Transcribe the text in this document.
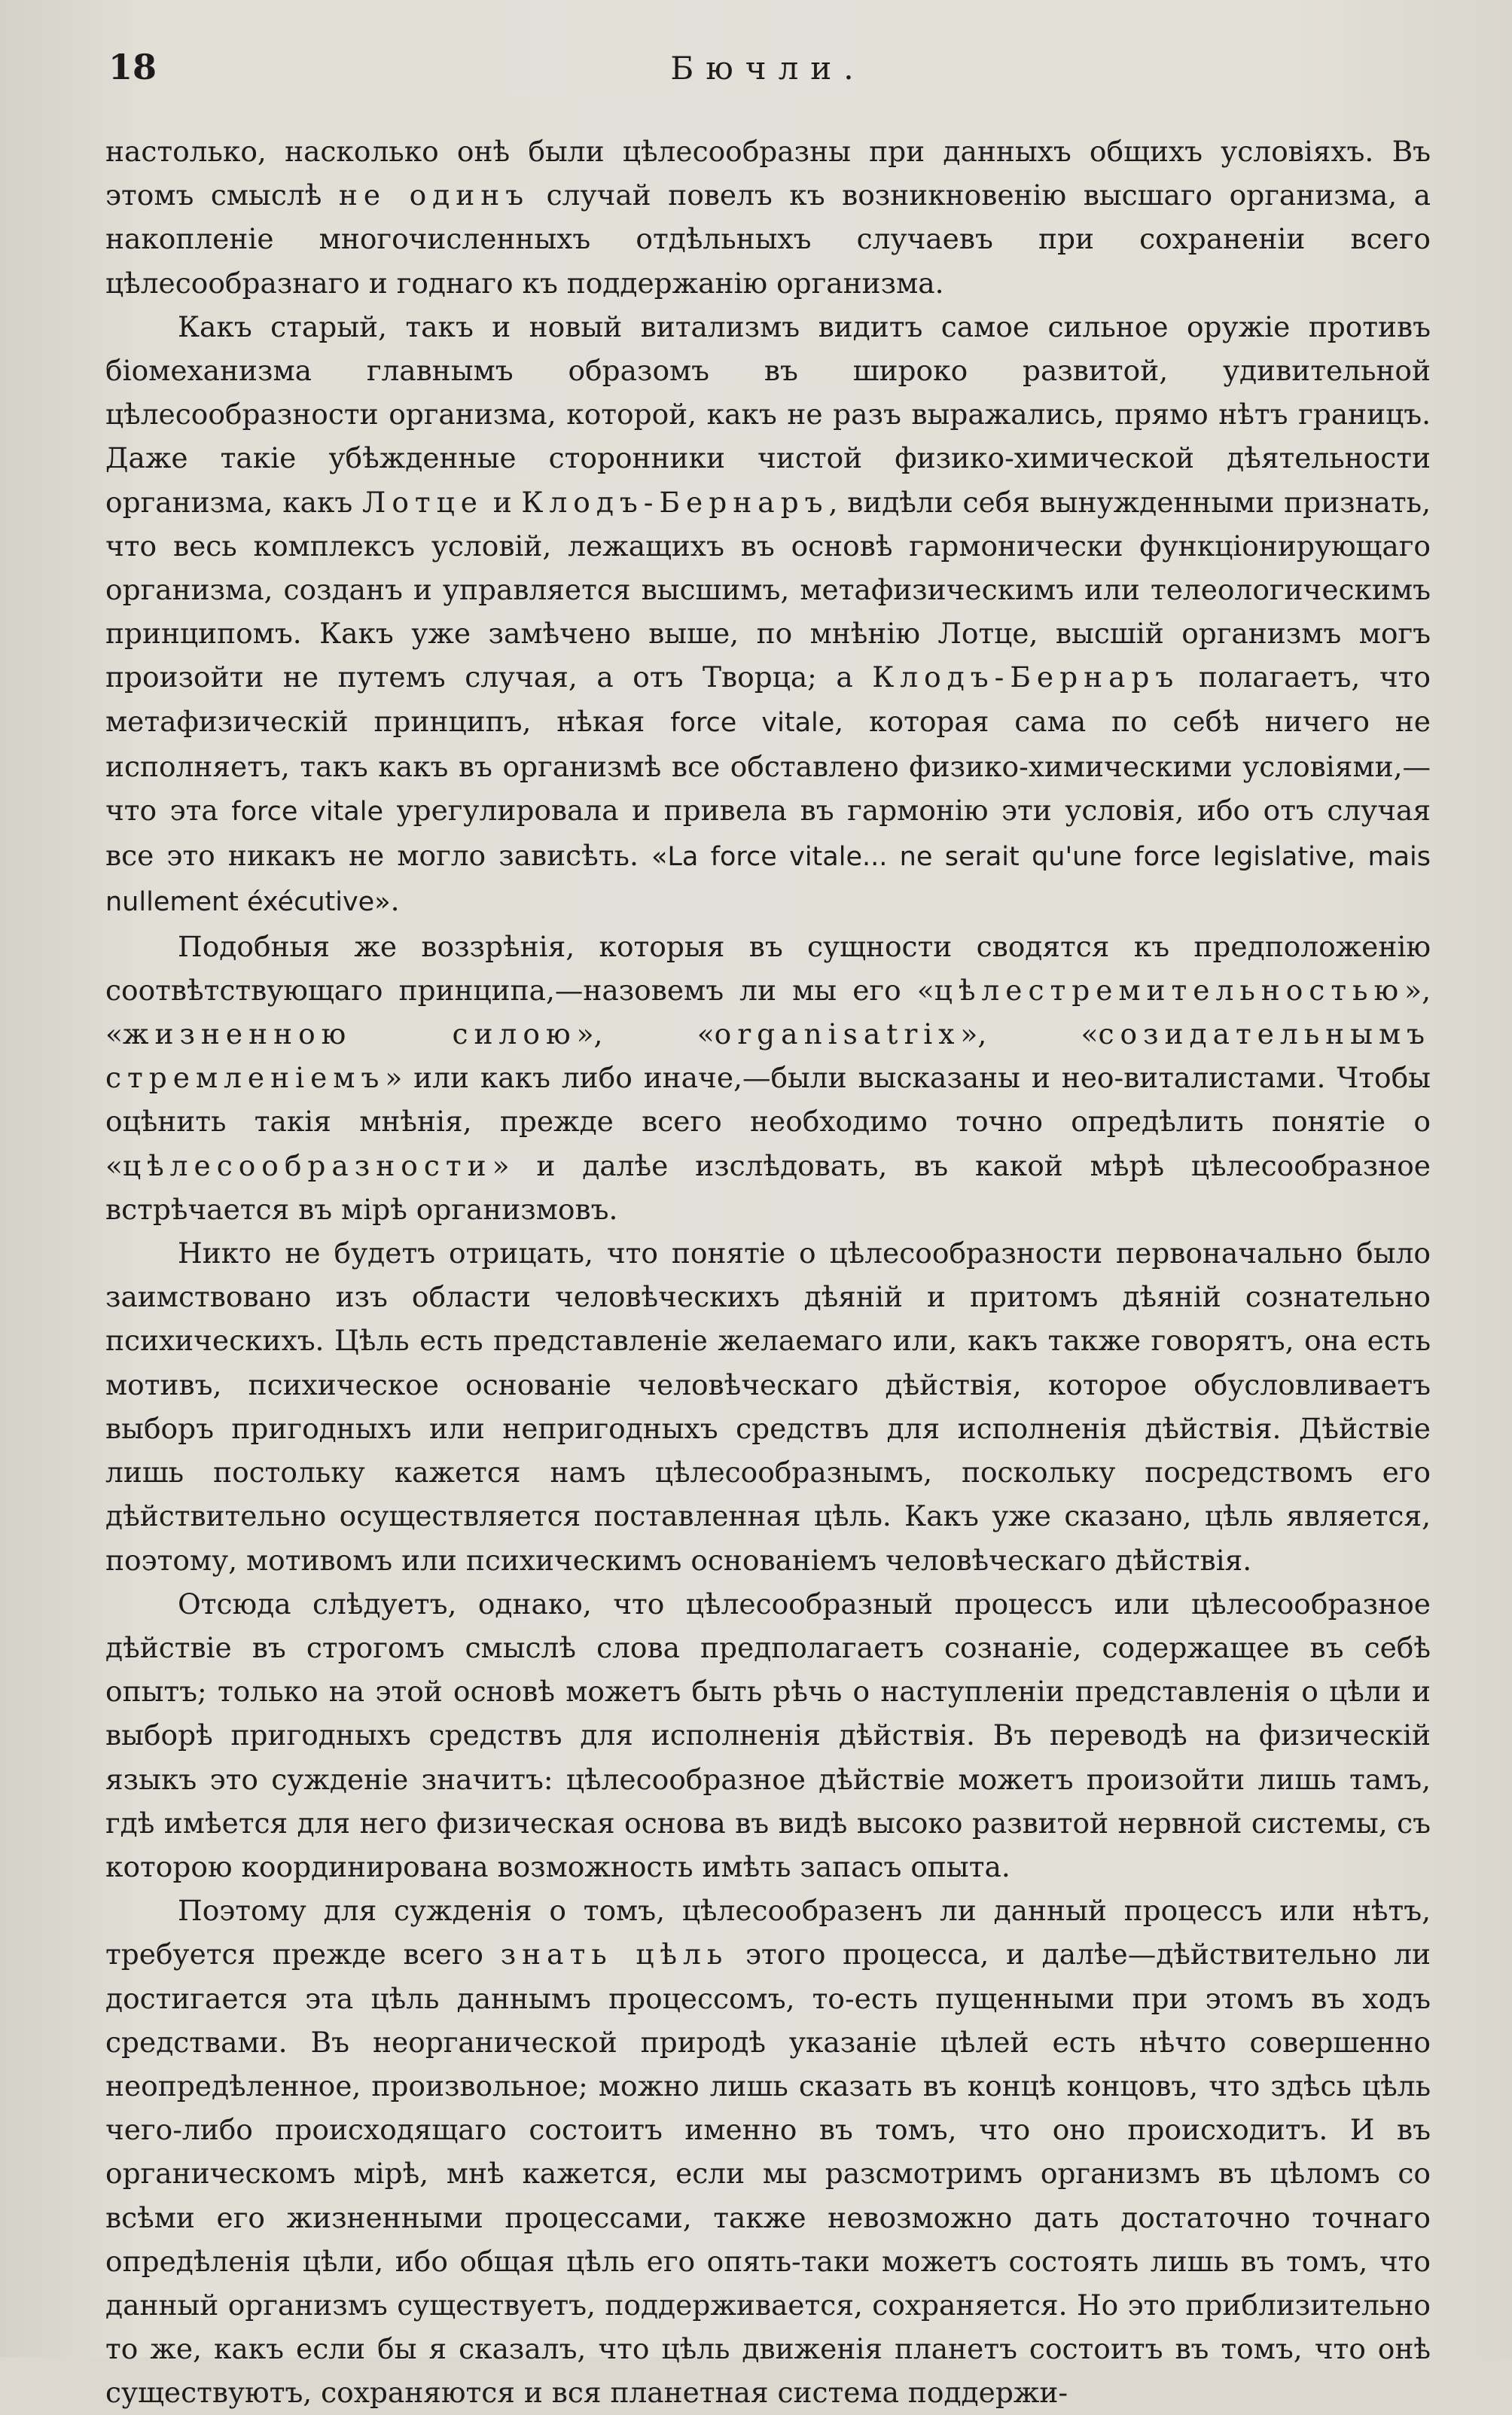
18	Бючли.

настолько, насколько онѣ были цѣлесообразны при данныхъ общихъ условіяхъ. Въ этомъ смыслѣ не одинъ случай повелъ къ возникновенію высшаго организма, а накопленіе многочисленныхъ отдѣльныхъ случаевъ при сохраненіи всего цѣлесообразнаго и годнаго къ поддержанію организма.

Какъ старый, такъ и новый витализмъ видитъ самое сильное оружіе противъ біомеханизма главнымъ образомъ въ широко развитой, удивительной цѣлесообразности организма, которой, какъ не разъ выражались, прямо нѣтъ границъ. Даже такіе убѣжденные сторонники чистой физико-химической дѣятельности организма, какъ Лотце и Клодъ-Бернаръ, видѣли себя вынужденными признать, что весь комплексъ условій, лежащихъ въ основѣ гармонически функціонирующаго организма, созданъ и управляется высшимъ, метафизическимъ или телеологическимъ принципомъ. Какъ уже замѣчено выше, по мнѣнію Лотце, высшій организмъ могъ произойти не путемъ случая, а отъ Творца; а Клодъ-Бернаръ полагаетъ, что метафизическій принципъ, нѣкая force vitale, которая сама по себѣ ничего не исполняетъ, такъ какъ въ организмѣ все обставлено физико-химическими условіями,—что эта force vitale урегулировала и привела въ гармонію эти условія, ибо отъ случая все это никакъ не могло зависѣть. «La force vitale... ne serait qu'une force legislative, mais nullement éxécutive».

Подобныя же воззрѣнія, которыя въ сущности сводятся къ предположенію соотвѣтствующаго принципа,—назовемъ ли мы его «цѣлестремительностью», «жизненною силою», «organisatrix», «созидательнымъ стремленіемъ» или какъ либо иначе,—были высказаны и нео-виталистами. Чтобы оцѣнить такія мнѣнія, прежде всего необходимо точно опредѣлить понятіе о «цѣлесообразности» и далѣе изслѣдовать, въ какой мѣрѣ цѣлесообразное встрѣчается въ мірѣ организмовъ.

Никто не будетъ отрицать, что понятіе о цѣлесообразности первоначально было заимствовано изъ области человѣческихъ дѣяній и притомъ дѣяній сознательно психическихъ. Цѣль есть представленіе желаемаго или, какъ также говорятъ, она есть мотивъ, психическое основаніе человѣческаго дѣйствія, которое обусловливаетъ выборъ пригодныхъ или непригодныхъ средствъ для исполненія дѣйствія. Дѣйствіе лишь постольку кажется намъ цѣлесообразнымъ, поскольку посредствомъ его дѣйствительно осуществляется поставленная цѣль. Какъ уже сказано, цѣль является, поэтому, мотивомъ или психическимъ основаніемъ человѣческаго дѣйствія.

Отсюда слѣдуетъ, однако, что цѣлесообразный процессъ или цѣлесообразное дѣйствіе въ строгомъ смыслѣ слова предполагаетъ сознаніе, содержащее въ себѣ опытъ; только на этой основѣ можетъ быть рѣчь о наступленіи представленія о цѣли и выборѣ пригодныхъ средствъ для исполненія дѣйствія. Въ переводѣ на физическій языкъ это сужденіе значитъ: цѣлесообразное дѣйствіе можетъ произойти лишь тамъ, гдѣ имѣется для него физическая основа въ видѣ высоко развитой нервной системы, съ которою координирована возможность имѣть запасъ опыта.

Поэтому для сужденія о томъ, цѣлесообразенъ ли данный процессъ или нѣтъ, требуется прежде всего знать цѣль этого процесса, и далѣе—дѣйствительно ли достигается эта цѣль даннымъ процессомъ, то-есть пущенными при этомъ въ ходъ средствами. Въ неорганической природѣ указаніе цѣлей есть нѣчто совершенно неопредѣленное, произвольное; можно лишь сказать въ концѣ концовъ, что здѣсь цѣль чего-либо происходящаго состоитъ именно въ томъ, что оно происходитъ. И въ органическомъ мірѣ, мнѣ кажется, если мы разсмотримъ организмъ въ цѣломъ со всѣми его жизненными процессами, также невозможно дать достаточно точнаго опредѣленія цѣли, ибо общая цѣль его опять-таки можетъ состоять лишь въ томъ, что данный организмъ существуетъ, поддерживается, сохраняется. Но это приблизительно то же, какъ если бы я сказалъ, что цѣль движенія планетъ состоитъ въ томъ, что онѣ существуютъ, сохраняются и вся планетная система поддержи-
